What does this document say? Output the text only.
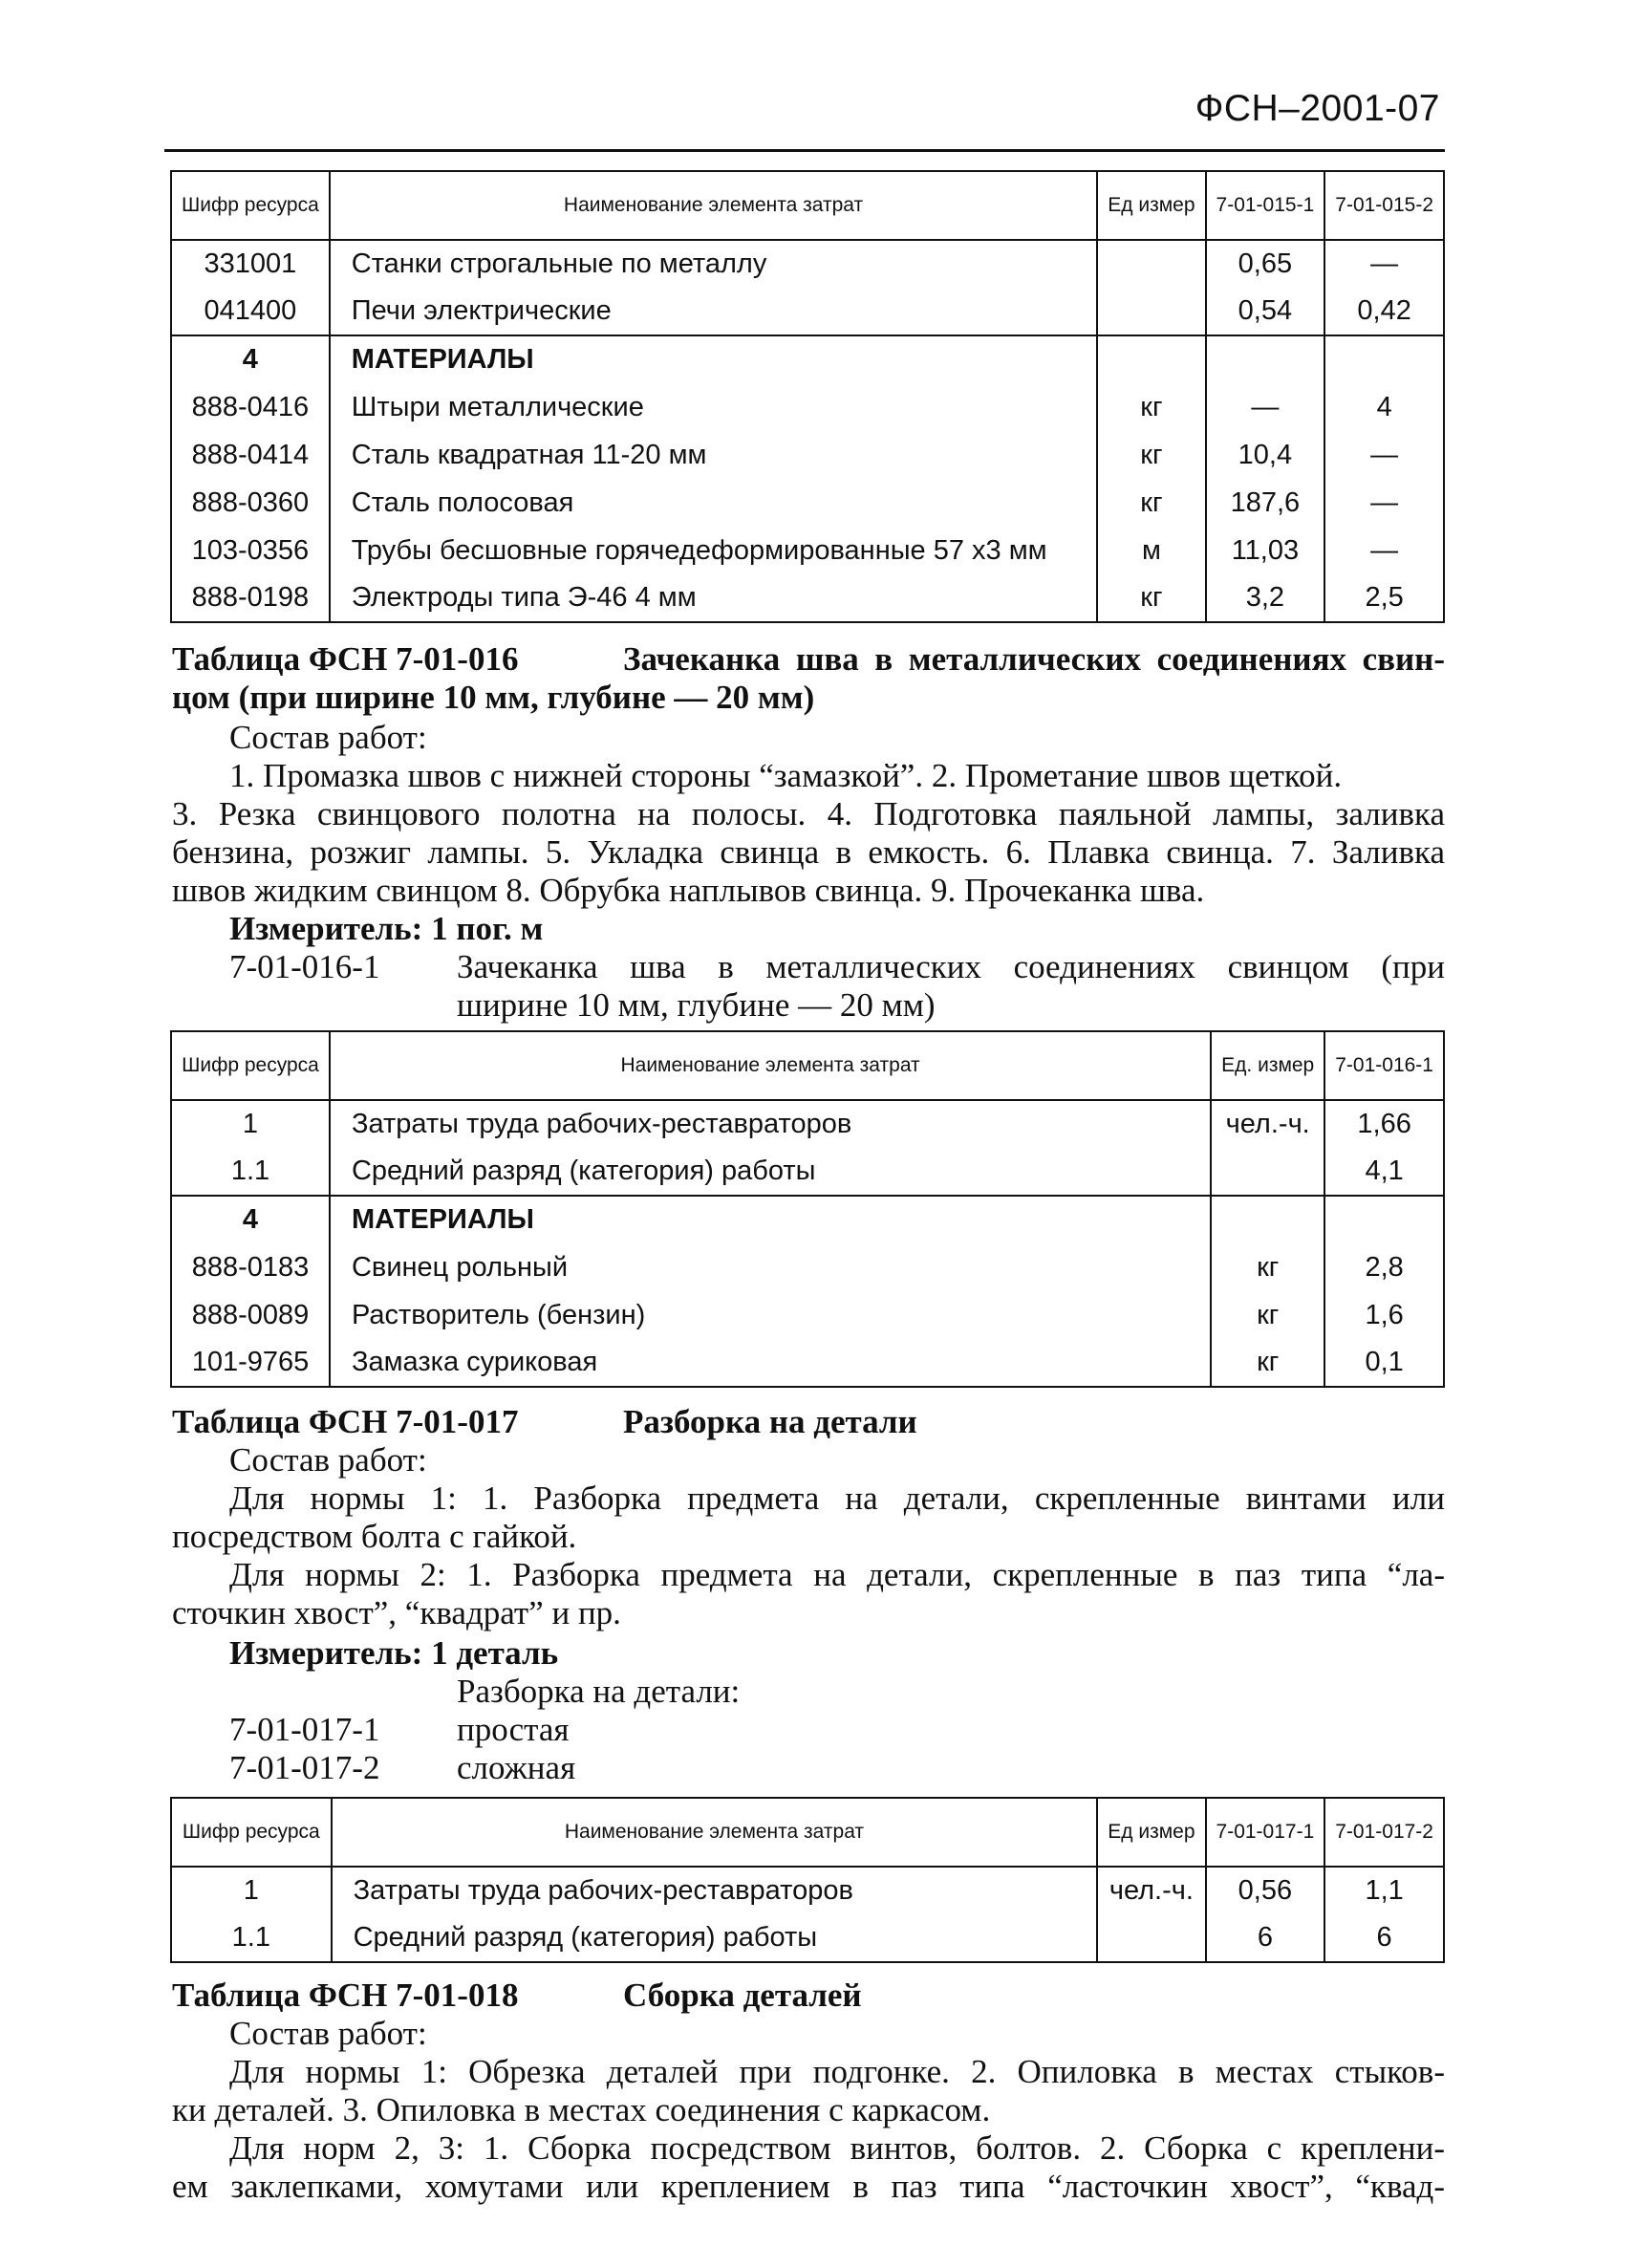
ФСН–2001-07
Шифр ресурса	Наименование элемента затрат	Ед измер	7-01-015-1	7-01-015-2
331001	Станки строгальные по металлу		0,65	—
041400	Печи электрические		0,54	0,42
4	МАТЕРИАЛЫ			
888-0416	Штыри металлические	кг	—	4
888-0414	Сталь квадратная 11-20 мм	кг	10,4	—
888-0360	Сталь полосовая	кг	187,6	—
103-0356	Трубы бесшовные горячедеформированные 57 х3 мм	м	11,03	—
888-0198	Электроды типа Э-46 4 мм	кг	3,2	2,5
Таблица ФСН 7-01-016	Зачеканка шва в металлических соединениях свин-
цом (при ширине 10 мм, глубине — 20 мм)
Состав работ:
1. Промазка швов с нижней стороны “замазкой”. 2. Прометание швов щеткой.
3. Резка свинцового полотна на полосы. 4. Подготовка паяльной лампы, заливка
бензина, розжиг лампы. 5. Укладка свинца в емкость. 6. Плавка свинца. 7. Заливка
швов жидким свинцом 8. Обрубка наплывов свинца. 9. Прочеканка шва.
Измеритель: 1 пог. м
7-01-016-1 Зачеканка шва в металлических соединениях свинцом (при
ширине 10 мм, глубине — 20 мм)
Шифр ресурса	Наименование элемента затрат	Ед. измер	7-01-016-1
1	Затраты труда рабочих-реставраторов	чел.-ч.	1,66
1.1	Средний разряд (категория) работы		4,1
4	МАТЕРИАЛЫ		
888-0183	Свинец рольный	кг	2,8
888-0089	Растворитель (бензин)	кг	1,6
101-9765	Замазка суриковая	кг	0,1
Таблица ФСН 7-01-017	Разборка на детали
Состав работ:
Для нормы 1: 1. Разборка предмета на детали, скрепленные винтами или
посредством болта с гайкой.
Для нормы 2: 1. Разборка предмета на детали, скрепленные в паз типа “ла-
сточкин хвост”, “квадрат” и пр.
Измеритель: 1 деталь
Разборка на детали:
7-01-017-1 простая
7-01-017-2 сложная
Шифр ресурса	Наименование элемента затрат	Ед измер	7-01-017-1	7-01-017-2
1	Затраты труда рабочих-реставраторов	чел.-ч.	0,56	1,1
1.1	Средний разряд (категория) работы		6	6
Таблица ФСН 7-01-018	Сборка деталей
Состав работ:
Для нормы 1: Обрезка деталей при подгонке. 2. Опиловка в местах стыков-
ки деталей. 3. Опиловка в местах соединения с каркасом.
Для норм 2, 3: 1. Сборка посредством винтов, болтов. 2. Сборка с креплени-
ем заклепками, хомутами или креплением в паз типа “ласточкин хвост”, “квад-
